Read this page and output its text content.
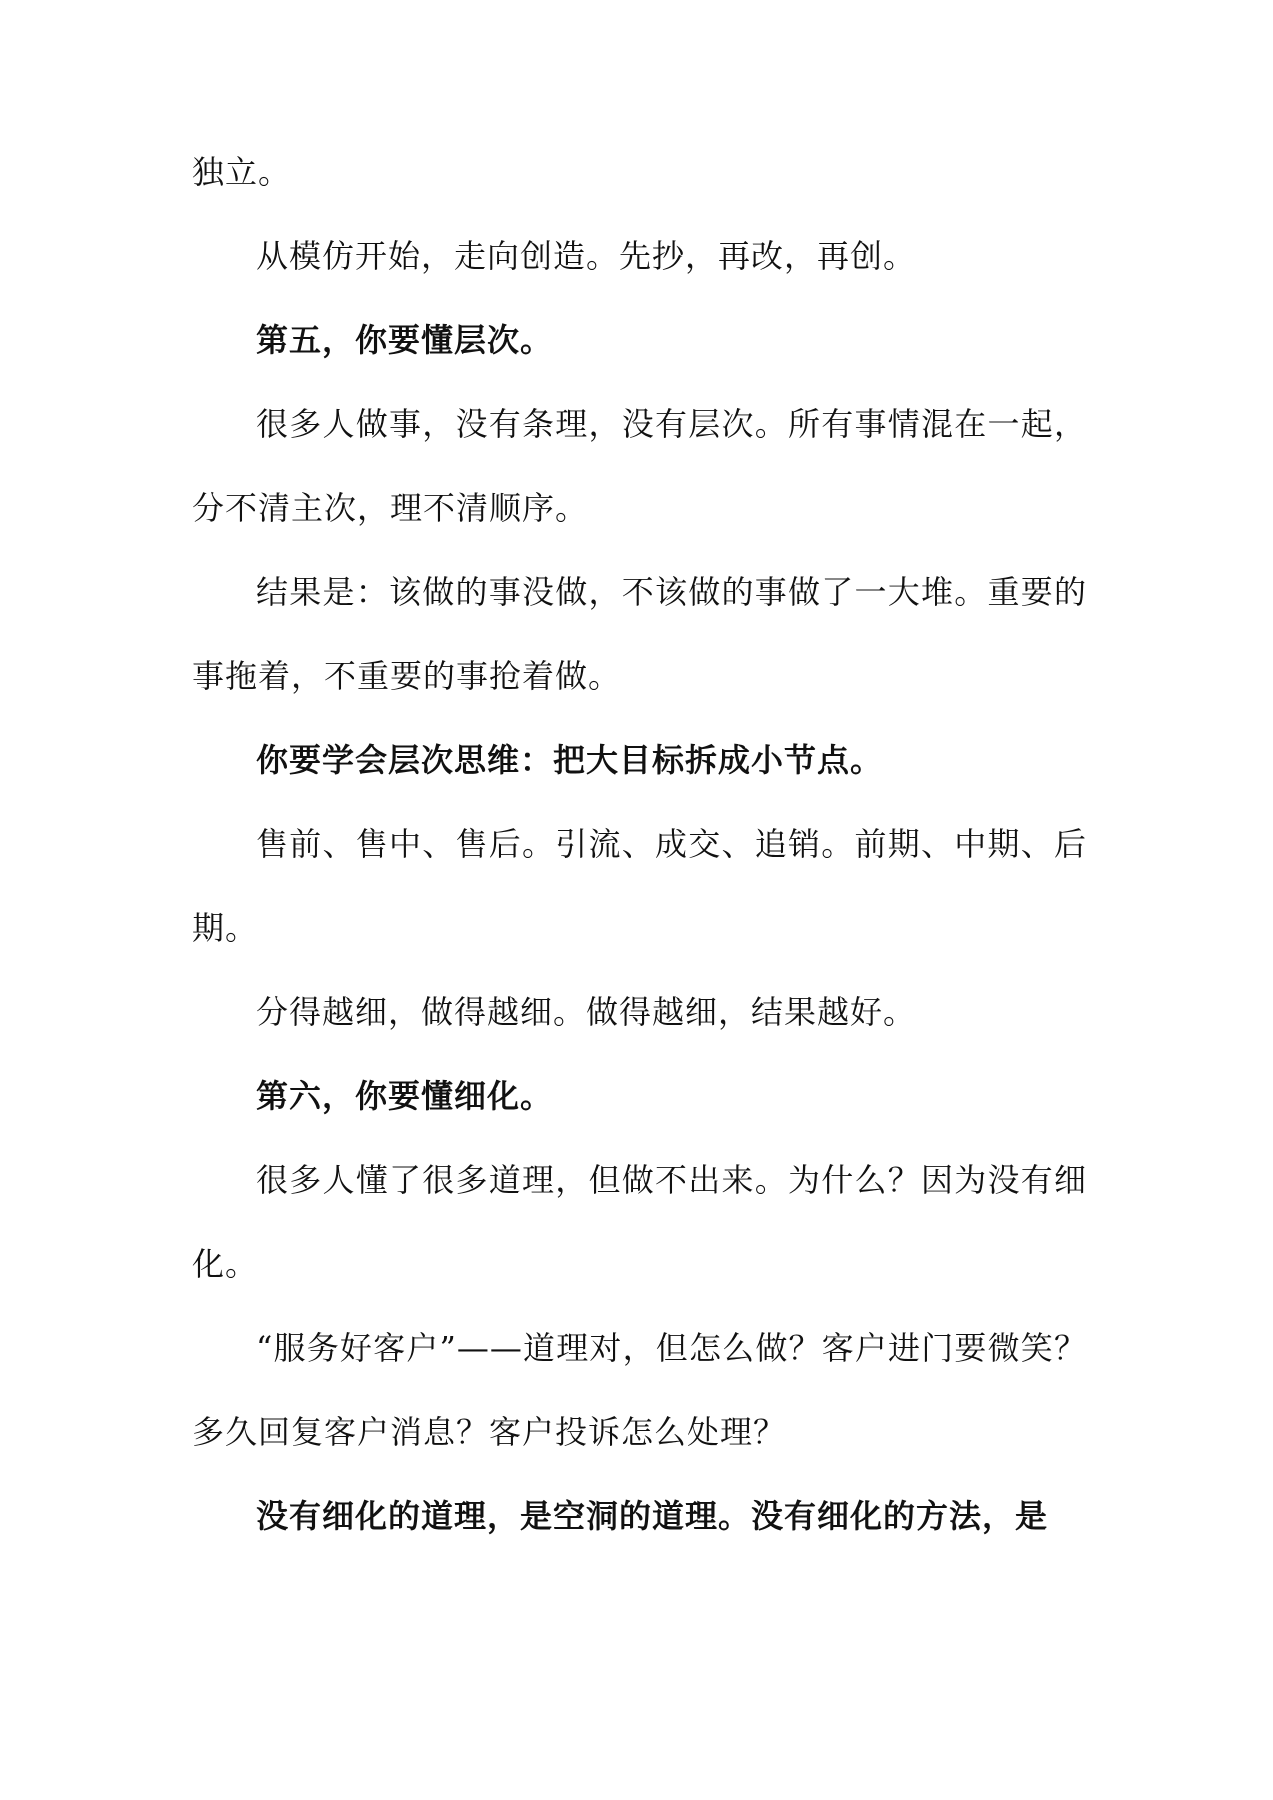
独立。

从模仿开始，走向创造。先抄，再改，再创。

第五，你要懂层次。

很多人做事，没有条理，没有层次。所有事情混在一起，分不清主次，理不清顺序。

结果是：该做的事没做，不该做的事做了一大堆。重要的事拖着，不重要的事抢着做。

你要学会层次思维：把大目标拆成小节点。

售前、售中、售后。引流、成交、追销。前期、中期、后期。

分得越细，做得越细。做得越细，结果越好。

第六，你要懂细化。

很多人懂了很多道理，但做不出来。为什么？因为没有细化。

“服务好客户”——道理对，但怎么做？客户进门要微笑？多久回复客户消息？客户投诉怎么处理？

没有细化的道理，是空洞的道理。没有细化的方法，是
